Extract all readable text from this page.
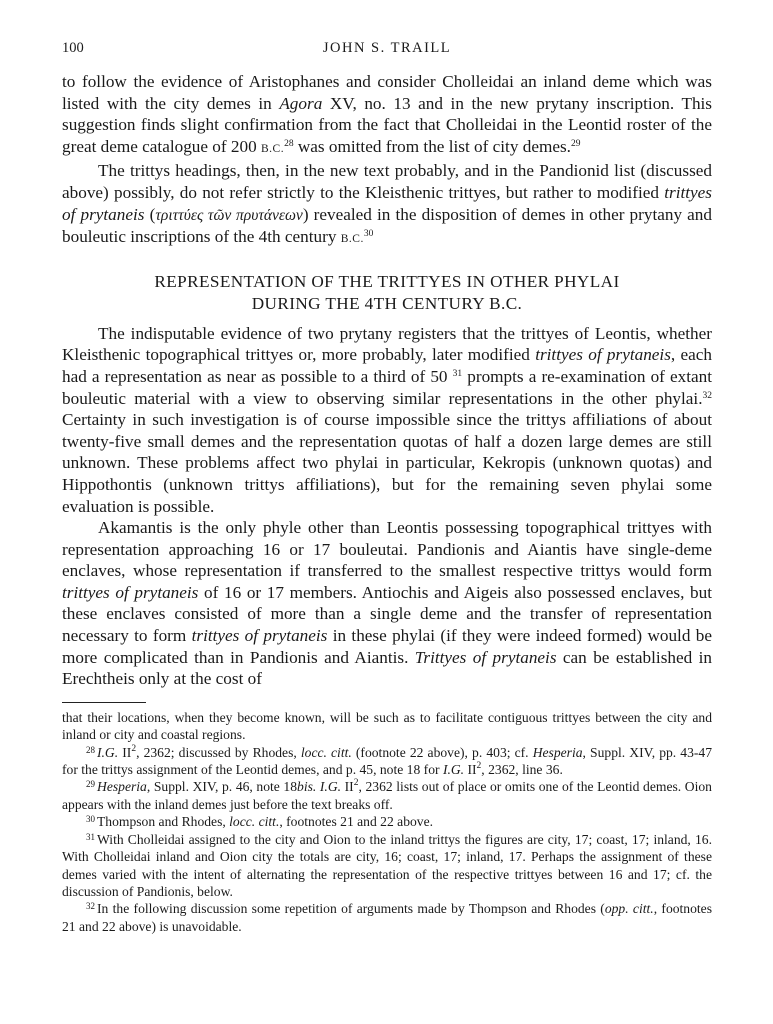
100	JOHN S. TRAILL

to follow the evidence of Aristophanes and consider Cholleidai an inland deme which was listed with the city demes in Agora XV, no. 13 and in the new prytany inscription. This suggestion finds slight confirmation from the fact that Cholleidai in the Leontid roster of the great deme catalogue of 200 B.C.$^{28}$ was omitted from the list of city demes.$^{29}$

The trittys headings, then, in the new text probably, and in the Pandionid list (discussed above) possibly, do not refer strictly to the Kleisthenic trittyes, but rather to modified trittyes of prytaneis (τριττύες τῶν πρυτάνεων) revealed in the disposition of demes in other prytany and bouleutic inscriptions of the 4th century B.C.$^{30}$

REPRESENTATION OF THE TRITTYES IN OTHER PHYLAI
DURING THE 4TH CENTURY B.C.

The indisputable evidence of two prytany registers that the trittyes of Leontis, whether Kleisthenic topographical trittyes or, more probably, later modified trittyes of prytaneis, each had a representation as near as possible to a third of 50 $^{31}$ prompts a re-examination of extant bouleutic material with a view to observing similar representations in the other phylai.$^{32}$ Certainty in such investigation is of course impossible since the trittys affiliations of about twenty-five small demes and the representation quotas of half a dozen large demes are still unknown. These problems affect two phylai in particular, Kekropis (unknown quotas) and Hippothontis (unknown trittys affiliations), but for the remaining seven phylai some evaluation is possible.

Akamantis is the only phyle other than Leontis possessing topographical trittyes with representation approaching 16 or 17 bouleutai. Pandionis and Aiantis have single-deme enclaves, whose representation if transferred to the smallest respective trittys would form trittyes of prytaneis of 16 or 17 members. Antiochis and Aigeis also possessed enclaves, but these enclaves consisted of more than a single deme and the transfer of representation necessary to form trittyes of prytaneis in these phylai (if they were indeed formed) would be more complicated than in Pandionis and Aiantis. Trittyes of prytaneis can be established in Erechtheis only at the cost of

that their locations, when they become known, will be such as to facilitate contiguous trittyes between the city and inland or city and coastal regions.

$^{28}$ I.G. $II^2$, 2362; discussed by Rhodes, locc. citt. (footnote 22 above), p. 403; cf. Hesperia, Suppl. XIV, pp. 43-47 for the trittys assignment of the Leontid demes, and p. 45, note 18 for I.G. $II^2$, 2362, line 36.

$^{29}$ Hesperia, Suppl. XIV, p. 46, note 18bis. I.G. $II^2$, 2362 lists out of place or omits one of the Leontid demes. Oion appears with the inland demes just before the text breaks off.

$^{30}$ Thompson and Rhodes, locc. citt., footnotes 21 and 22 above.

$^{31}$ With Cholleidai assigned to the city and Oion to the inland trittys the figures are city, 17; coast, 17; inland, 16. With Cholleidai inland and Oion city the totals are city, 16; coast, 17; inland, 17. Perhaps the assignment of these demes varied with the intent of alternating the representation of the respective trittyes between 16 and 17; cf. the discussion of Pandionis, below.

$^{32}$ In the following discussion some repetition of arguments made by Thompson and Rhodes (opp. citt., footnotes 21 and 22 above) is unavoidable.
